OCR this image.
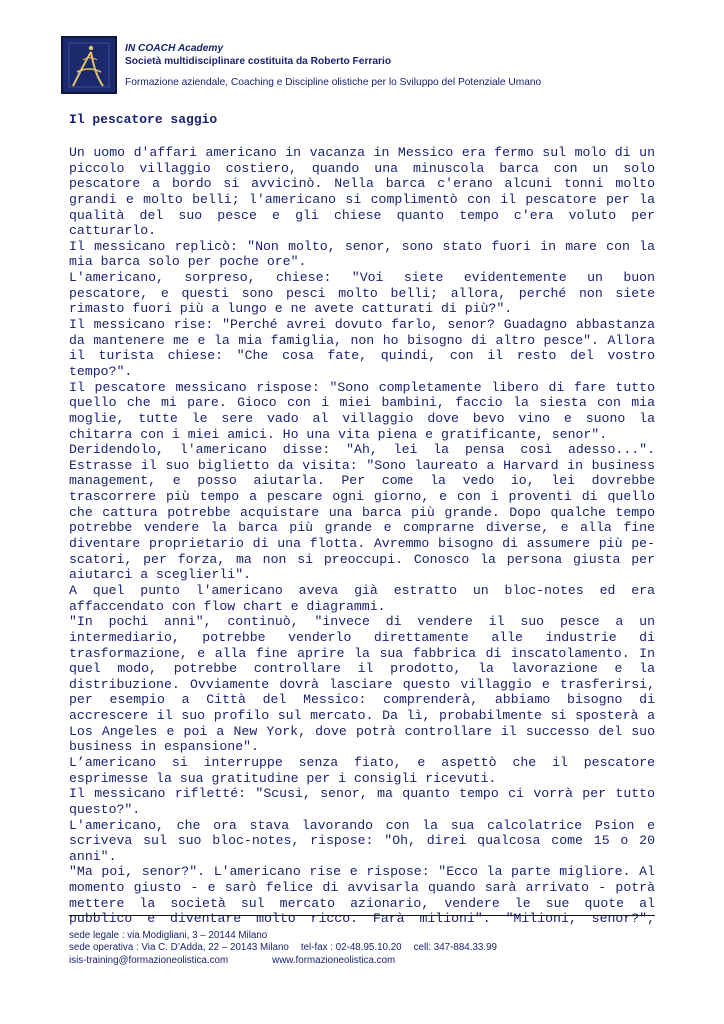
IN COACH Academy
Società multidisciplinare costituita da Roberto Ferrario
Formazione aziendale, Coaching e Discipline olistiche per lo Sviluppo del Potenziale Umano
Il pescatore saggio
Un uomo d'affari americano in vacanza in Messico era fermo sul molo di un
piccolo villaggio costiero, quando una minuscola barca con un solo
pescatore a bordo si avvicinò. Nella barca c'erano alcuni tonni molto
grandi e molto belli; l'americano si complimentò con il pescatore per la
qualità del suo pesce e gli chiese quanto tempo c'era voluto per
catturarlo.
Il messicano replicò: "Non molto, senor, sono stato fuori in mare con la
mia barca solo per poche ore".
L'americano, sorpreso, chiese: "Voi siete evidentemente un buon
pescatore, e questi sono pesci molto belli; allora, perché non siete
rimasto fuori più a lungo e ne avete catturati di più?".
Il messicano rise: "Perché avrei dovuto farlo, senor? Guadagno abbastanza
da mantenere me e la mia famiglia, non ho bisogno di altro pesce". Allora
il turista chiese: "Che cosa fate, quindi, con il resto del vostro
tempo?".
Il pescatore messicano rispose: "Sono completamente libero di fare tutto
quello che mi pare. Gioco con i miei bambini, faccio la siesta con mia
moglie, tutte le sere vado al villaggio dove bevo vino e suono la
chitarra con i miei amici. Ho una vita piena e gratificante, senor".
Deridendolo, l'americano disse: "Ah, lei la pensa così adesso...".
Estrasse il suo biglietto da visita: "Sono laureato a Harvard in business
management, e posso aiutarla. Per come la vedo io, lei dovrebbe
trascorrere più tempo a pescare ogni giorno, e con i proventi di quello
che cattura potrebbe acquistare una barca più grande. Dopo qualche tempo
potrebbe vendere la barca più grande e comprarne diverse, e alla fine
diventare proprietario di una flotta. Avremmo bisogno di assumere più pe-
scatori, per forza, ma non si preoccupi. Conosco la persona giusta per
aiutarci a sceglierli".
A quel punto l'americano aveva già estratto un bloc-notes ed era
affaccendato con flow chart e diagrammi.
"In pochi anni", continuò, "invece di vendere il suo pesce a un
intermediario, potrebbe venderlo direttamente alle industrie di
trasformazione, e alla fine aprire la sua fabbrica di inscatolamento. In
quel modo, potrebbe controllare il prodotto, la lavorazione e la
distribuzione. Ovviamente dovrà lasciare questo villaggio e trasferirsi,
per esempio a Città del Messico: comprenderà, abbiamo bisogno di
accrescere il suo profilo sul mercato. Da lì, probabilmente si sposterà a
Los Angeles e poi a New York, dove potrà controllare il successo del suo
business in espansione".
L’americano si interruppe senza fiato, e aspettò che il pescatore
esprimesse la sua gratitudine per i consigli ricevuti.
Il messicano rifletté: "Scusi, senor, ma quanto tempo ci vorrà per tutto
questo?".
L'americano, che ora stava lavorando con la sua calcolatrice Psion e
scriveva sul suo bloc-notes, rispose: "Oh, direi qualcosa come 15 o 20
anni".
"Ma poi, senor?". L'americano rise e rispose: "Ecco la parte migliore. Al
momento giusto - e sarò felice di avvisarla quando sarà arrivato - potrà
mettere la società sul mercato azionario, vendere le sue quote al
pubblico e diventare molto ricco. Farà milioni". "Milioni, senor?",
sede legale : via Modigliani, 3 – 20144 Milano
sede operativa : Via C. D’Adda, 22 – 20143 Milano tel-fax : 02-48.95.10.20 cell: 347-884.33.99
isis-training@formazioneolistica.com	www.formazioneolistica.com
